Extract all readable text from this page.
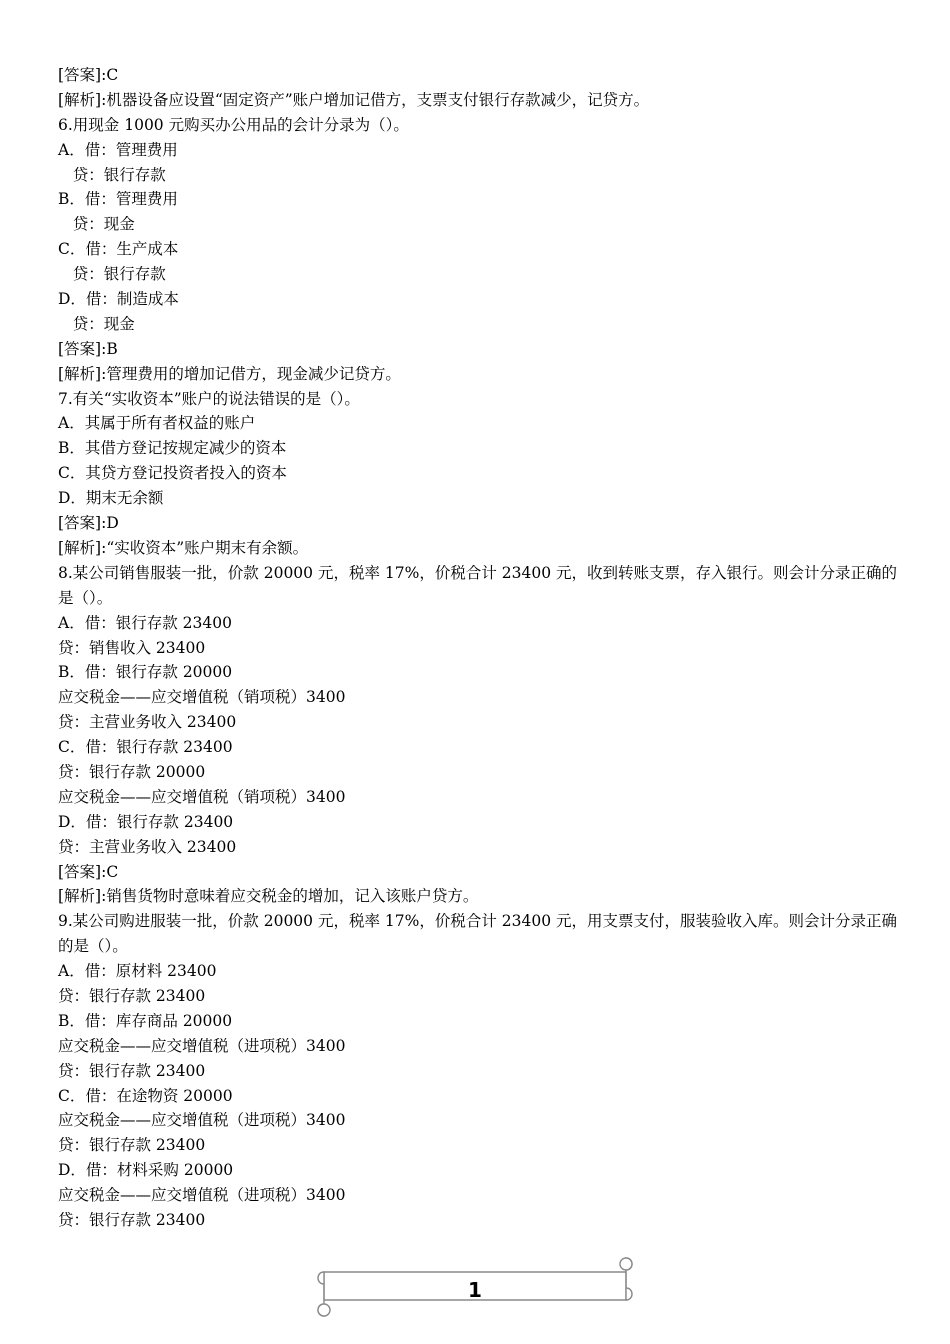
[答案]:C
[解析]:机器设备应设置“固定资产”账户增加记借方，支票支付银行存款减少，记贷方。
6.用现金 1000 元购买办公用品的会计分录为（）。
A．借：管理费用
贷：银行存款
B．借：管理费用
贷：现金
C．借：生产成本
贷：银行存款
D．借：制造成本
贷：现金
[答案]:B
[解析]:管理费用的增加记借方，现金减少记贷方。
7.有关“实收资本”账户的说法错误的是（）。
A．其属于所有者权益的账户
B．其借方登记按规定减少的资本
C．其贷方登记投资者投入的资本
D．期末无余额
[答案]:D
[解析]:“实收资本”账户期末有余额。
8.某公司销售服装一批，价款 20000 元，税率 17%，价税合计 23400 元，收到转账支票，存入银行。则会计分录正确的是（）。
A．借：银行存款 23400
贷：销售收入 23400
B．借：银行存款 20000
应交税金——应交增值税（销项税）3400
贷：主营业务收入 23400
C．借：银行存款 23400
贷：银行存款 20000
应交税金——应交增值税（销项税）3400
D．借：银行存款 23400
贷：主营业务收入 23400
[答案]:C
[解析]:销售货物时意味着应交税金的增加，记入该账户贷方。
9.某公司购进服装一批，价款 20000 元，税率 17%，价税合计 23400 元，用支票支付，服装验收入库。则会计分录正确的是（）。
A．借：原材料 23400
贷：银行存款 23400
B．借：库存商品 20000
应交税金——应交增值税（进项税）3400
贷：银行存款 23400
C．借：在途物资 20000
应交税金——应交增值税（进项税）3400
贷：银行存款 23400
D．借：材料采购 20000
应交税金——应交增值税（进项税）3400
贷：银行存款 23400
1
